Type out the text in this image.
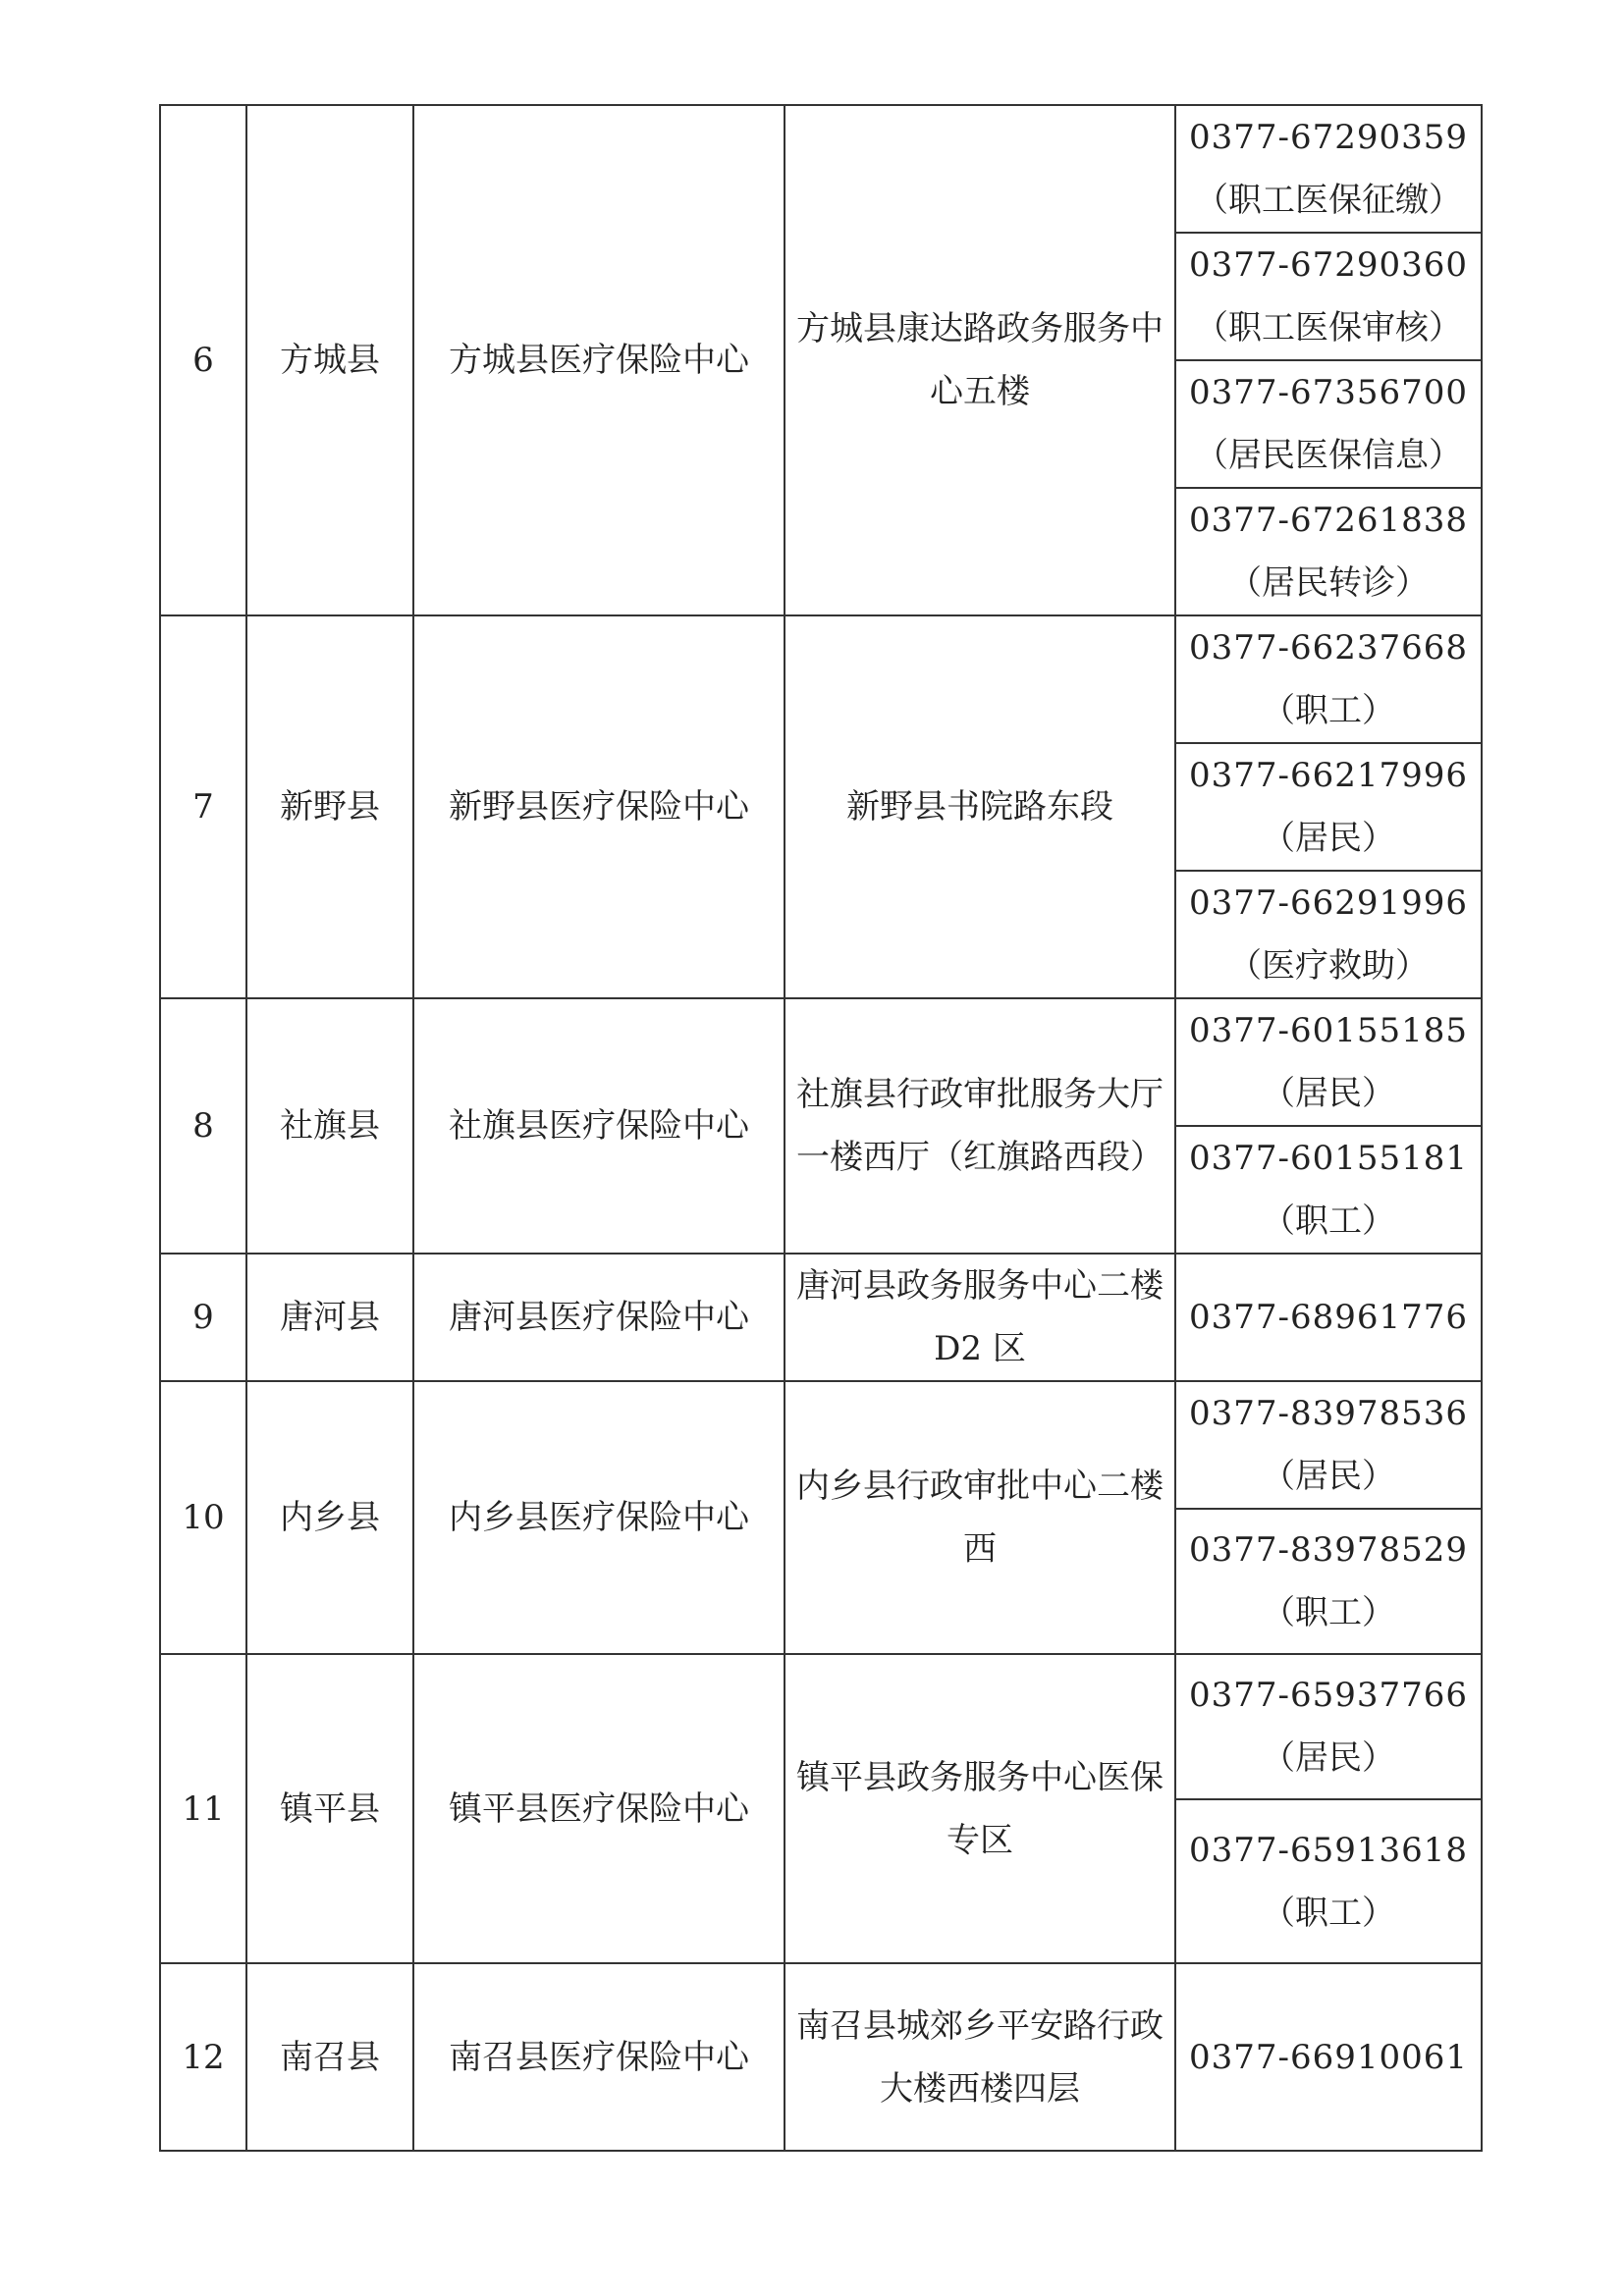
6	方城县	方城县医疗保险中心	方城县康达路政务服务中心五楼	0377-67290359
（职工医保征缴）

				0377-67290360
（职工医保审核）

				0377-67356700
（居民医保信息）

				0377-67261838
（居民转诊）

7	新野县	新野县医疗保险中心	新野县书院路东段	0377-66237668
（职工）

				0377-66217996
（居民）

				0377-66291996
（医疗救助）

8	社旗县	社旗县医疗保险中心	社旗县行政审批服务大厅一楼西厅（红旗路西段）	0377-60155185
（居民）

				0377-60155181
（职工）

9	唐河县	唐河县医疗保险中心	唐河县政务服务中心二楼 D2 区	0377-68961776

10	内乡县	内乡县医疗保险中心	内乡县行政审批中心二楼西	0377-83978536
（居民）

				0377-83978529
（职工）

11	镇平县	镇平县医疗保险中心	镇平县政务服务中心医保专区	0377-65937766
（居民）

				0377-65913618
（职工）

12	南召县	南召县医疗保险中心	南召县城郊乡平安路行政大楼西楼四层	0377-66910061
